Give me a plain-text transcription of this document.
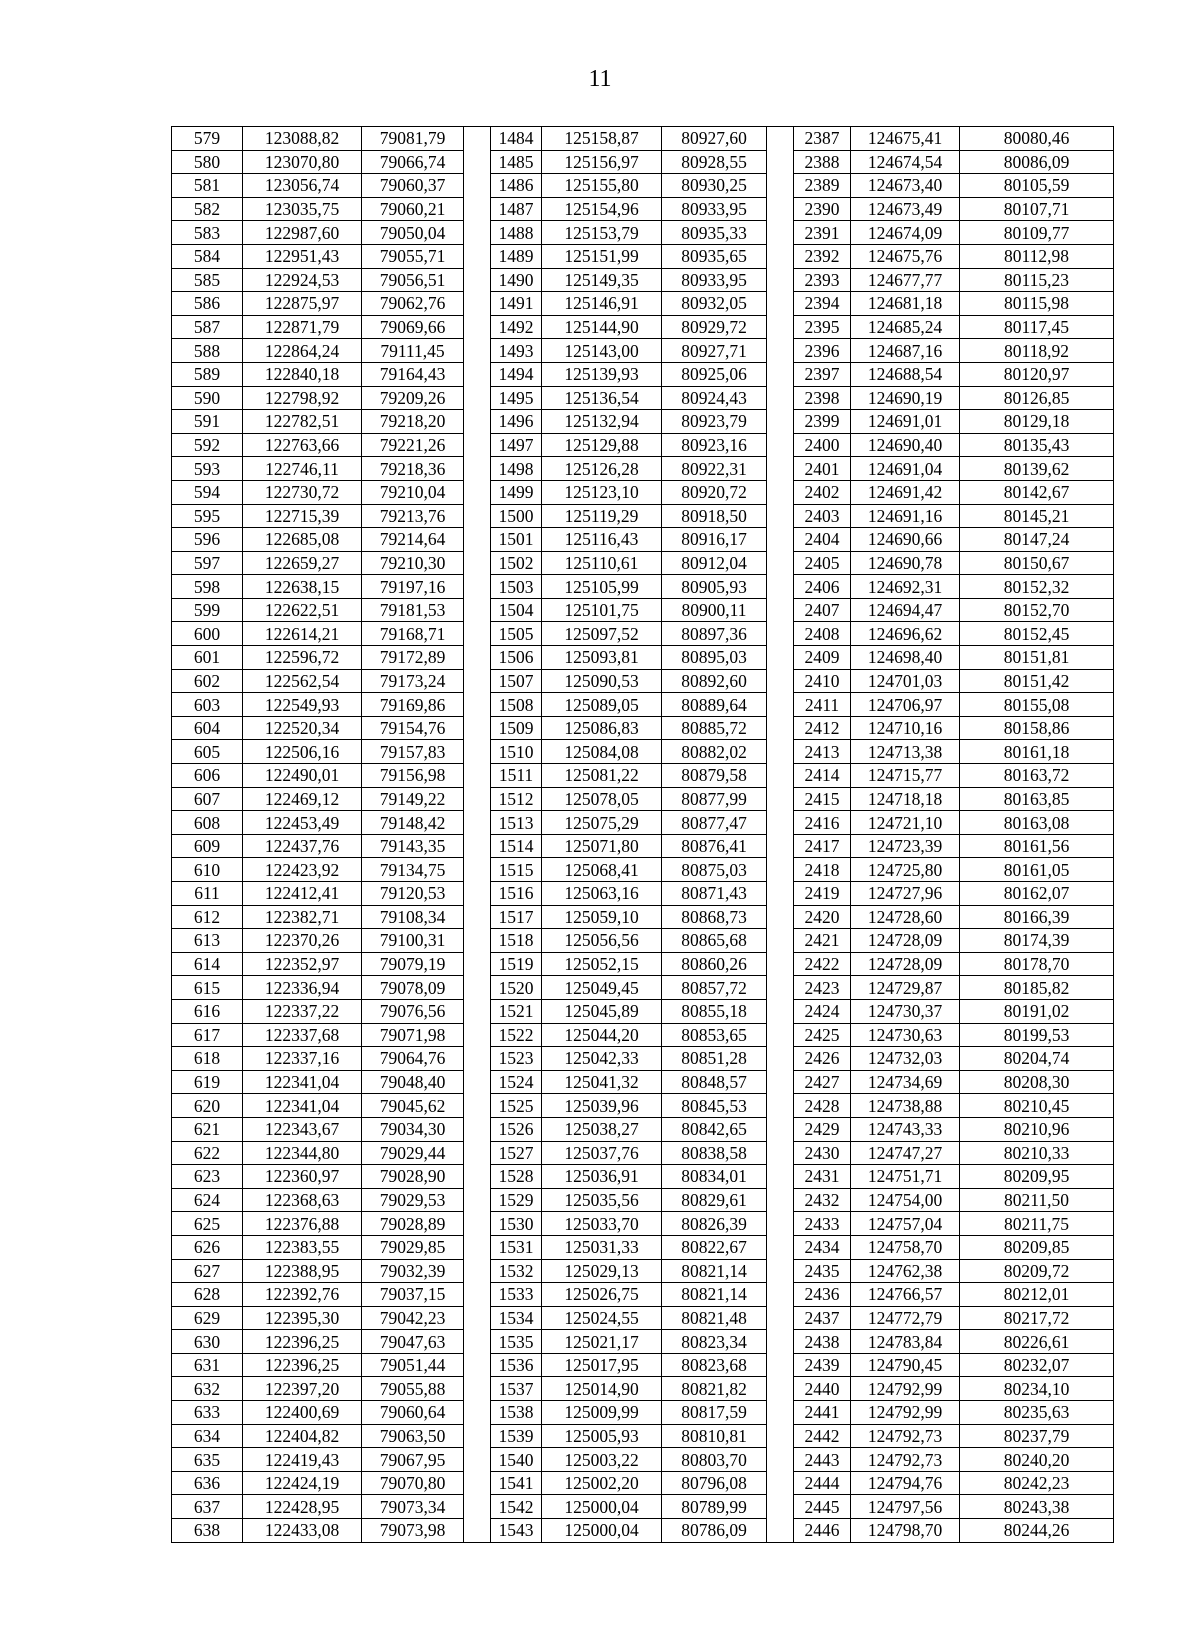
11
579	123088,82	79081,79		1484	125158,87	80927,60		2387	124675,41	80080,46
580	123070,80	79066,74		1485	125156,97	80928,55		2388	124674,54	80086,09
581	123056,74	79060,37		1486	125155,80	80930,25		2389	124673,40	80105,59
582	123035,75	79060,21		1487	125154,96	80933,95		2390	124673,49	80107,71
583	122987,60	79050,04		1488	125153,79	80935,33		2391	124674,09	80109,77
584	122951,43	79055,71		1489	125151,99	80935,65		2392	124675,76	80112,98
585	122924,53	79056,51		1490	125149,35	80933,95		2393	124677,77	80115,23
586	122875,97	79062,76		1491	125146,91	80932,05		2394	124681,18	80115,98
587	122871,79	79069,66		1492	125144,90	80929,72		2395	124685,24	80117,45
588	122864,24	79111,45		1493	125143,00	80927,71		2396	124687,16	80118,92
589	122840,18	79164,43		1494	125139,93	80925,06		2397	124688,54	80120,97
590	122798,92	79209,26		1495	125136,54	80924,43		2398	124690,19	80126,85
591	122782,51	79218,20		1496	125132,94	80923,79		2399	124691,01	80129,18
592	122763,66	79221,26		1497	125129,88	80923,16		2400	124690,40	80135,43
593	122746,11	79218,36		1498	125126,28	80922,31		2401	124691,04	80139,62
594	122730,72	79210,04		1499	125123,10	80920,72		2402	124691,42	80142,67
595	122715,39	79213,76		1500	125119,29	80918,50		2403	124691,16	80145,21
596	122685,08	79214,64		1501	125116,43	80916,17		2404	124690,66	80147,24
597	122659,27	79210,30		1502	125110,61	80912,04		2405	124690,78	80150,67
598	122638,15	79197,16		1503	125105,99	80905,93		2406	124692,31	80152,32
599	122622,51	79181,53		1504	125101,75	80900,11		2407	124694,47	80152,70
600	122614,21	79168,71		1505	125097,52	80897,36		2408	124696,62	80152,45
601	122596,72	79172,89		1506	125093,81	80895,03		2409	124698,40	80151,81
602	122562,54	79173,24		1507	125090,53	80892,60		2410	124701,03	80151,42
603	122549,93	79169,86		1508	125089,05	80889,64		2411	124706,97	80155,08
604	122520,34	79154,76		1509	125086,83	80885,72		2412	124710,16	80158,86
605	122506,16	79157,83		1510	125084,08	80882,02		2413	124713,38	80161,18
606	122490,01	79156,98		1511	125081,22	80879,58		2414	124715,77	80163,72
607	122469,12	79149,22		1512	125078,05	80877,99		2415	124718,18	80163,85
608	122453,49	79148,42		1513	125075,29	80877,47		2416	124721,10	80163,08
609	122437,76	79143,35		1514	125071,80	80876,41		2417	124723,39	80161,56
610	122423,92	79134,75		1515	125068,41	80875,03		2418	124725,80	80161,05
611	122412,41	79120,53		1516	125063,16	80871,43		2419	124727,96	80162,07
612	122382,71	79108,34		1517	125059,10	80868,73		2420	124728,60	80166,39
613	122370,26	79100,31		1518	125056,56	80865,68		2421	124728,09	80174,39
614	122352,97	79079,19		1519	125052,15	80860,26		2422	124728,09	80178,70
615	122336,94	79078,09		1520	125049,45	80857,72		2423	124729,87	80185,82
616	122337,22	79076,56		1521	125045,89	80855,18		2424	124730,37	80191,02
617	122337,68	79071,98		1522	125044,20	80853,65		2425	124730,63	80199,53
618	122337,16	79064,76		1523	125042,33	80851,28		2426	124732,03	80204,74
619	122341,04	79048,40		1524	125041,32	80848,57		2427	124734,69	80208,30
620	122341,04	79045,62		1525	125039,96	80845,53		2428	124738,88	80210,45
621	122343,67	79034,30		1526	125038,27	80842,65		2429	124743,33	80210,96
622	122344,80	79029,44		1527	125037,76	80838,58		2430	124747,27	80210,33
623	122360,97	79028,90		1528	125036,91	80834,01		2431	124751,71	80209,95
624	122368,63	79029,53		1529	125035,56	80829,61		2432	124754,00	80211,50
625	122376,88	79028,89		1530	125033,70	80826,39		2433	124757,04	80211,75
626	122383,55	79029,85		1531	125031,33	80822,67		2434	124758,70	80209,85
627	122388,95	79032,39		1532	125029,13	80821,14		2435	124762,38	80209,72
628	122392,76	79037,15		1533	125026,75	80821,14		2436	124766,57	80212,01
629	122395,30	79042,23		1534	125024,55	80821,48		2437	124772,79	80217,72
630	122396,25	79047,63		1535	125021,17	80823,34		2438	124783,84	80226,61
631	122396,25	79051,44		1536	125017,95	80823,68		2439	124790,45	80232,07
632	122397,20	79055,88		1537	125014,90	80821,82		2440	124792,99	80234,10
633	122400,69	79060,64		1538	125009,99	80817,59		2441	124792,99	80235,63
634	122404,82	79063,50		1539	125005,93	80810,81		2442	124792,73	80237,79
635	122419,43	79067,95		1540	125003,22	80803,70		2443	124792,73	80240,20
636	122424,19	79070,80		1541	125002,20	80796,08		2444	124794,76	80242,23
637	122428,95	79073,34		1542	125000,04	80789,99		2445	124797,56	80243,38
638	122433,08	79073,98		1543	125000,04	80786,09		2446	124798,70	80244,26
